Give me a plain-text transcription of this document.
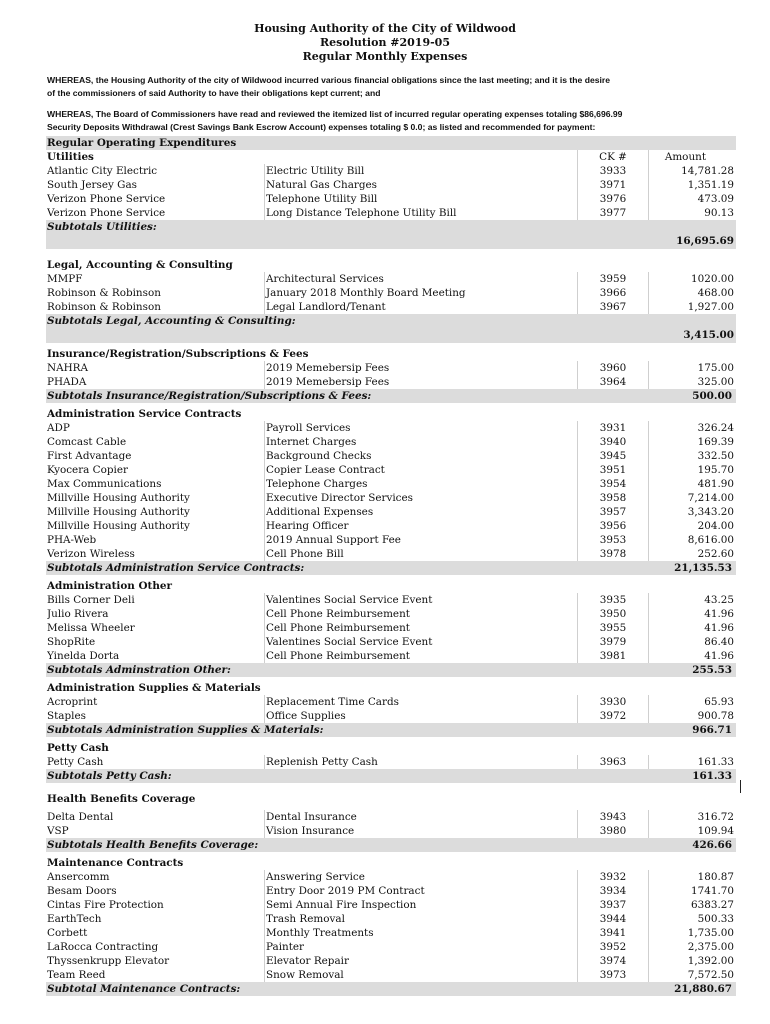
Housing Authority of the City of Wildwood
Resolution #2019-05
Regular Monthly Expenses
WHEREAS, the Housing Authority of the city of Wildwood incurred various financial obligations since the last meeting; and it is the desire
of the commissioners of said Authority to have their obligations kept current; and
WHEREAS, The Board of Commissioners have read and reviewed the itemized list of incurred regular operating expenses totaling $86,696.99
Security Deposits Withdrawal (Crest Savings Bank Escrow Account) expenses totaling $ 0.0; as listed and recommended for payment:
Regular Operating Expenditures
Utilities	CK #	Amount
Atlantic City Electric	Electric Utility Bill	3933	14,781.28
South Jersey Gas	Natural Gas Charges	3971	1,351.19
Verizon Phone Service	Telephone Utility Bill	3976	473.09
Verizon Phone Service	Long Distance Telephone Utility Bill	3977	90.13
Subtotals Utilities:
16,695.69
Legal, Accounting & Consulting
MMPF	Architectural Services	3959	1020.00
Robinson & Robinson	January 2018 Monthly Board Meeting	3966	468.00
Robinson & Robinson	Legal Landlord/Tenant	3967	1,927.00
Subtotals Legal, Accounting & Consulting:
3,415.00
Insurance/Registration/Subscriptions & Fees
NAHRA	2019 Memebersip Fees	3960	175.00
PHADA	2019 Memebersip Fees	3964	325.00
Subtotals Insurance/Registration/Subscriptions & Fees:	500.00
Administration Service Contracts
ADP	Payroll Services	3931	326.24
Comcast Cable	Internet Charges	3940	169.39
First Advantage	Background Checks	3945	332.50
Kyocera Copier	Copier Lease Contract	3951	195.70
Max Communications	Telephone Charges	3954	481.90
Millville Housing Authority	Executive Director Services	3958	7,214.00
Millville Housing Authority	Additional Expenses	3957	3,343.20
Millville Housing Authority	Hearing Officer	3956	204.00
PHA-Web	2019 Annual Support Fee	3953	8,616.00
Verizon Wireless	Cell Phone Bill	3978	252.60
Subtotals Administration Service Contracts:	21,135.53
Administration Other
Bills Corner Deli	Valentines Social Service Event	3935	43.25
Julio Rivera	Cell Phone Reimbursement	3950	41.96
Melissa Wheeler	Cell Phone Reimbursement	3955	41.96
ShopRite	Valentines Social Service Event	3979	86.40
Yinelda Dorta	Cell Phone Reimbursement	3981	41.96
Subtotals Adminstration Other:	255.53
Administration Supplies & Materials
Acroprint	Replacement Time Cards	3930	65.93
Staples	Office Supplies	3972	900.78
Subtotals Administration Supplies & Materials:	966.71
Petty Cash
Petty Cash	Replenish Petty Cash	3963	161.33
Subtotals Petty Cash:	161.33
Health Benefits Coverage
Delta Dental	Dental Insurance	3943	316.72
VSP	Vision Insurance	3980	109.94
Subtotals Health Benefits Coverage:	426.66
Maintenance Contracts
Ansercomm	Answering Service	3932	180.87
Besam Doors	Entry Door 2019 PM Contract	3934	1741.70
Cintas Fire Protection	Semi Annual Fire Inspection	3937	6383.27
EarthTech	Trash Removal	3944	500.33
Corbett	Monthly Treatments	3941	1,735.00
LaRocca Contracting	Painter	3952	2,375.00
Thyssenkrupp Elevator	Elevator Repair	3974	1,392.00
Team Reed	Snow Removal	3973	7,572.50
Subtotal Maintenance Contracts:	21,880.67
